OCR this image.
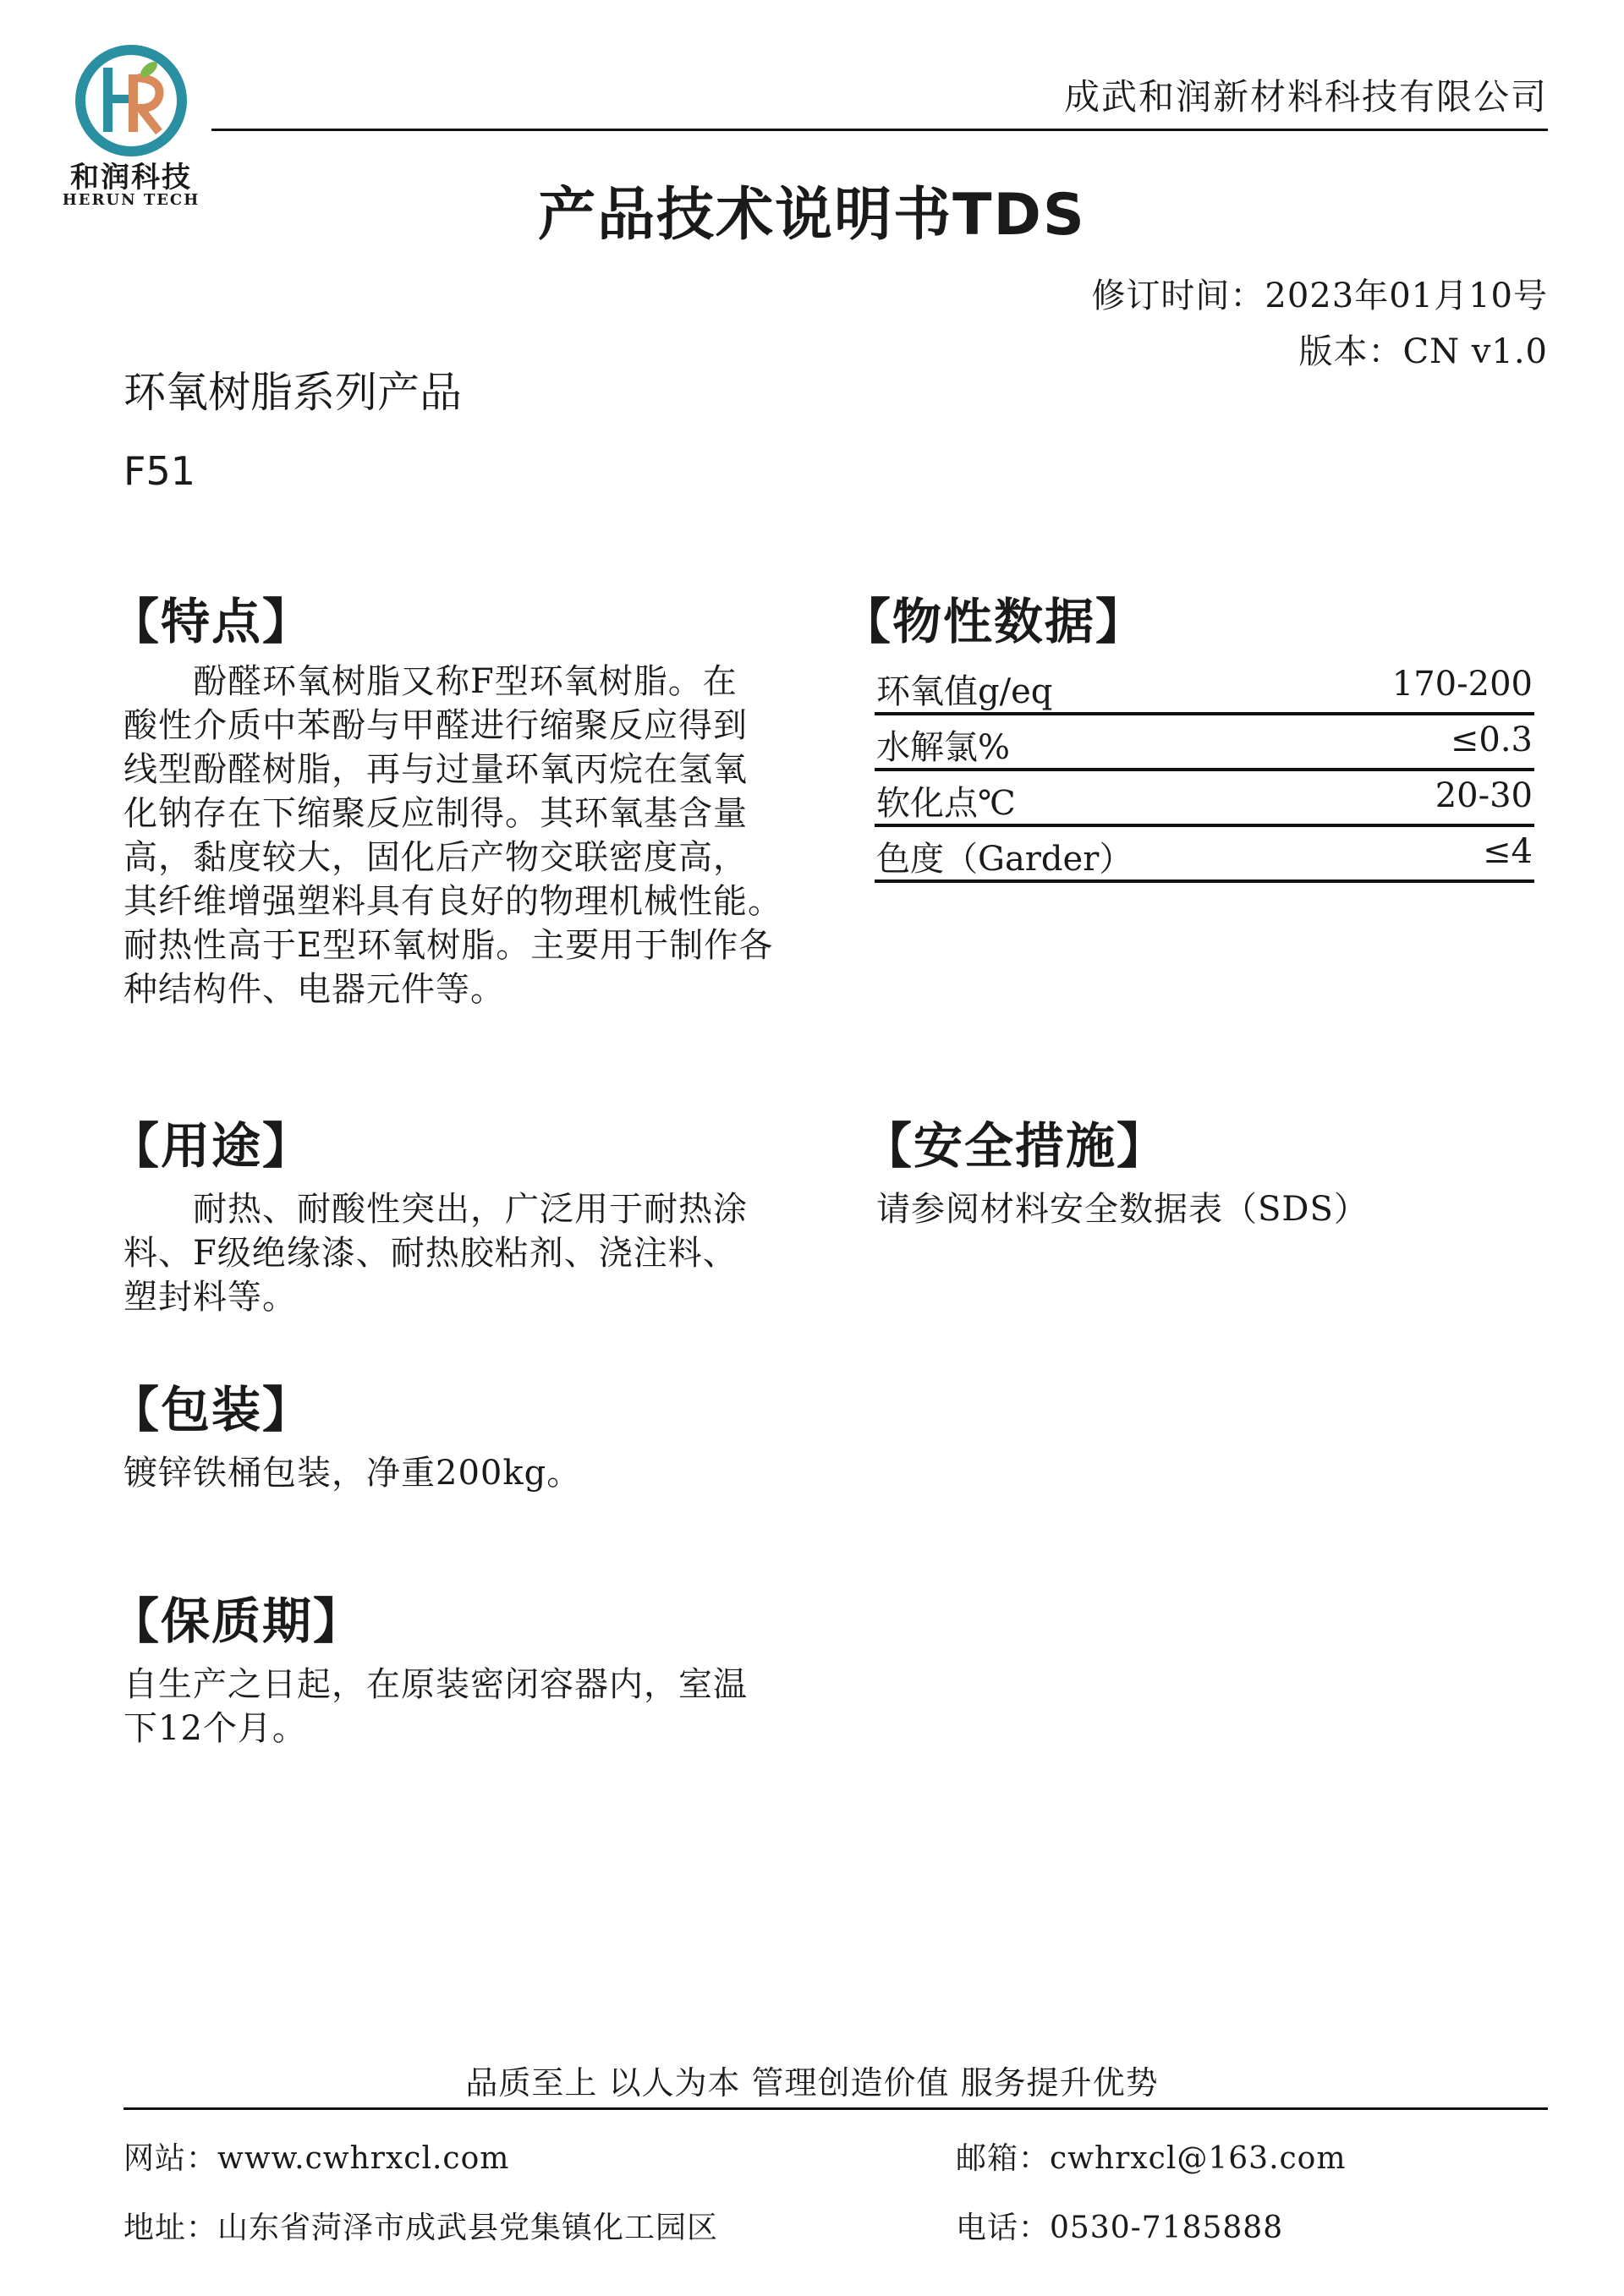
和润科技
HERUN TECH
成武和润新材料科技有限公司
产品技术说明书TDS
修订时间：2023年01月10号
版本：CN v1.0
环氧树脂系列产品
F51
【特点】
　　酚醛环氧树脂又称F型环氧树脂。在
酸性介质中苯酚与甲醛进行缩聚反应得到
线型酚醛树脂，再与过量环氧丙烷在氢氧
化钠存在下缩聚反应制得。其环氧基含量
高，黏度较大，固化后产物交联密度高，
其纤维增强塑料具有良好的物理机械性能。
耐热性高于E型环氧树脂。主要用于制作各
种结构件、电器元件等。
【物性数据】
环氧值g/eq	170-200
水解氯%	≤0.3
软化点℃	20-30
色度（Garder）	≤4
【用途】
　　耐热、耐酸性突出，广泛用于耐热涂
料、F级绝缘漆、耐热胶粘剂、浇注料、
塑封料等。
【安全措施】
请参阅材料安全数据表（SDS）
【包装】
镀锌铁桶包装，净重200kg。
【保质期】
自生产之日起，在原装密闭容器内，室温
下12个月。
品质至上 以人为本 管理创造价值 服务提升优势
网站：www.cwhrxcl.com	邮箱：cwhrxcl@163.com
地址：山东省菏泽市成武县党集镇化工园区	电话：0530-7185888
